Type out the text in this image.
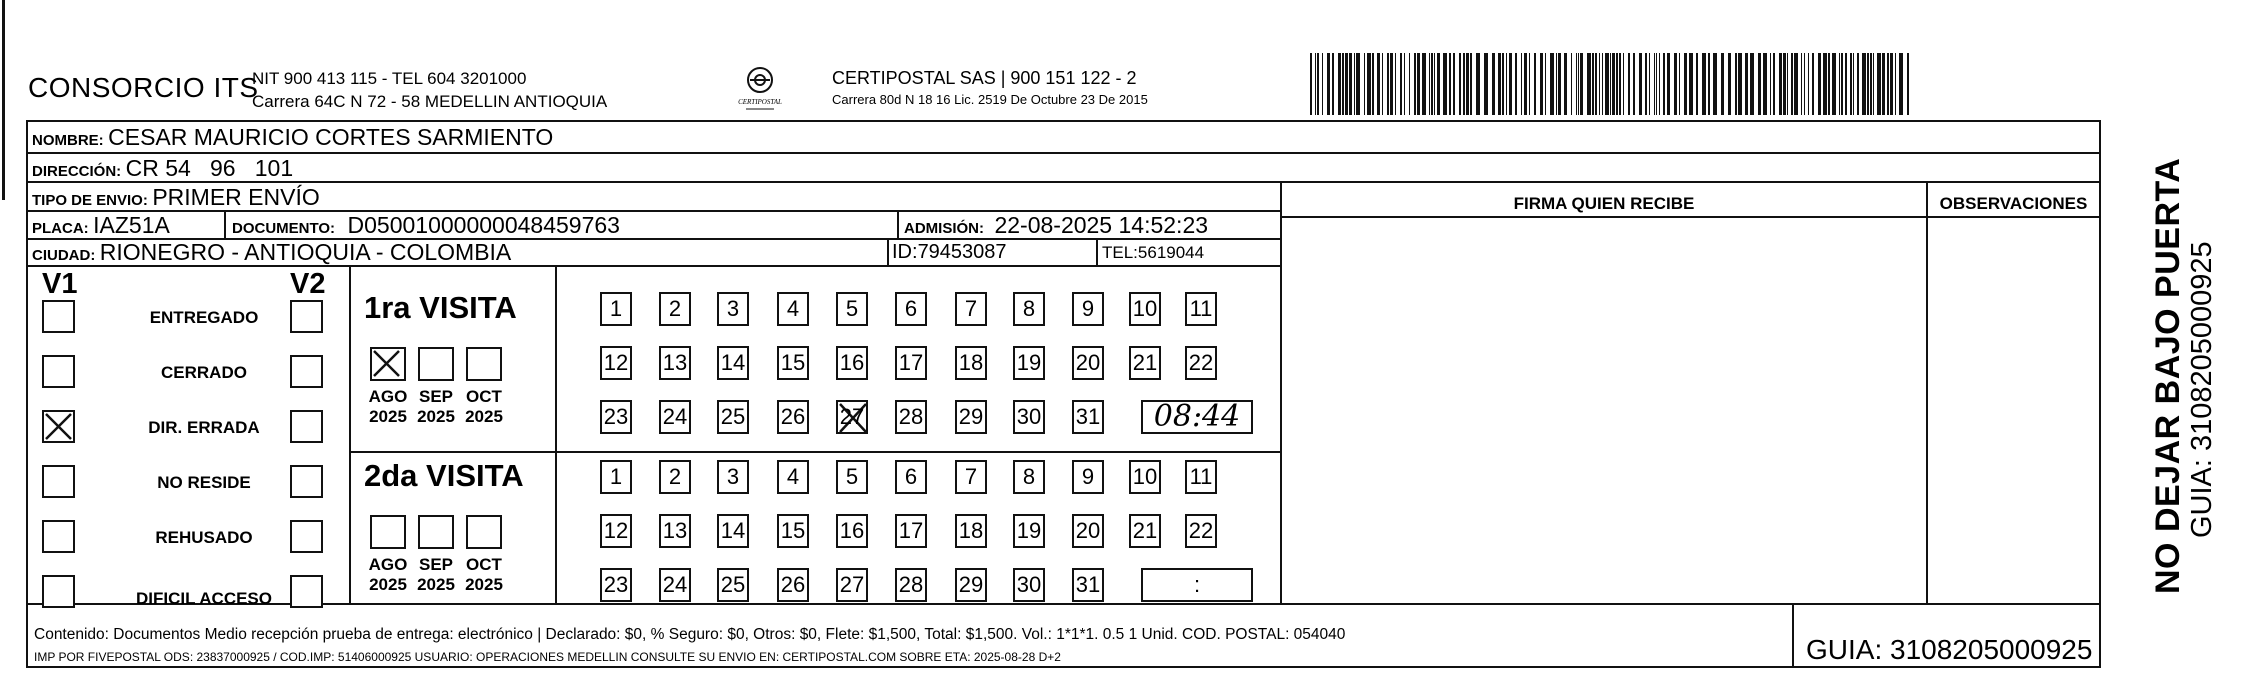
CONSORCIO ITS
NIT 900 413 115 - TEL 604 3201000
Carrera 64C N 72 - 58 MEDELLIN ANTIOQUIA	CERTIPOSTAL
CERTIPOSTAL SAS | 900 151 122 - 2
Carrera 80d N 18 16 Lic. 2519 De Octubre 23 De 2015
NOMBRE: CESAR MAURICIO CORTES SARMIENTO
DIRECCIÓN: CR 54   96   101
TIPO DE ENVIO: PRIMER ENVÍO
PLACA: IAZ51A	DOCUMENTO: D05001000000048459763	ADMISIÓN: 22-08-2025 14:52:23
CIUDAD: RIONEGRO - ANTIOQUIA - COLOMBIA	ID:79453087	TEL:5619044
FIRMA QUIEN RECIBE	OBSERVACIONES
V1	V2
1ra VISITA
2da VISITA
ENTREGADO
CERRADO
DIR. ERRADA
NO RESIDE
REHUSADO
DIFICIL ACCESO
AGO
2025
SEP
2025
OCT
2025
AGO
2025
SEP
2025
OCT
2025
1	2	3	4	5	6	7	8	9	10 11
12 13 14 15 16 17 18 19 20 21 22
23 24 25 26 27 28 29 30 31	08:44
1	2	3	4	5	6	7	8	9	10 11
12 13 14 15 16 17 18 19 20 21 22
23 24 25 26 27 28 29 30 31	:
Contenido: Documentos Medio recepción prueba de entrega: electrónico | Declarado: $0, % Seguro: $0, Otros: $0, Flete: $1,500, Total: $1,500. Vol.: 1*1*1. 0.5 1 Unid. COD. POSTAL: 054040
IMP POR FIVEPOSTAL ODS: 23837000925 / COD.IMP: 51406000925 USUARIO: OPERACIONES MEDELLIN CONSULTE SU ENVIO EN: CERTIPOSTAL.COM SOBRE ETA: 2025-08-28 D+2	GUIA: 3108205000925
NO DEJAR BAJO PUERTA GUIA: 3108205000925
